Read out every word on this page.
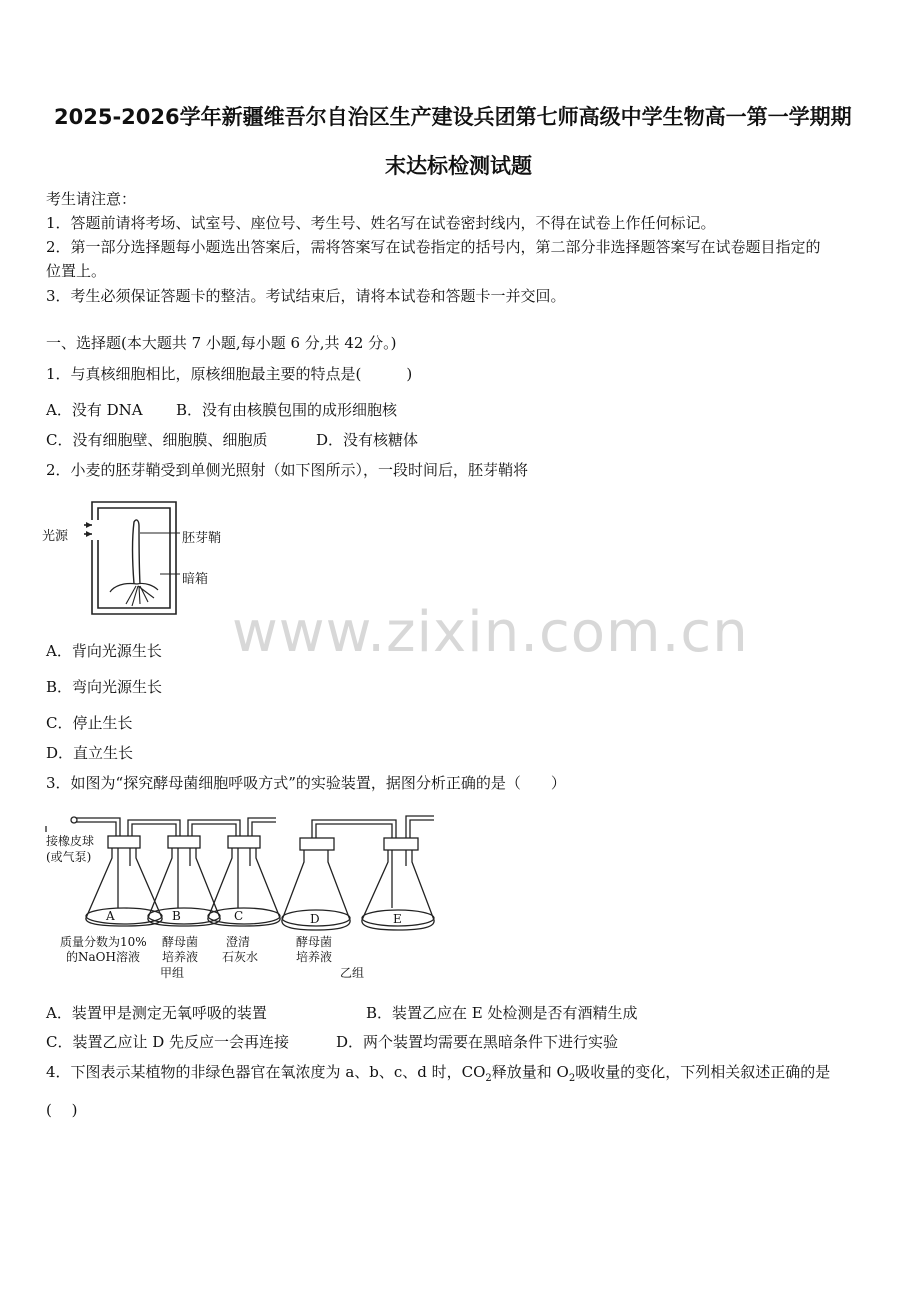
www.zixin.com.cn
2025-2026学年新疆维吾尔自治区生产建设兵团第七师高级中学生物高一第一学期期
末达标检测试题
考生请注意：
1．答题前请将考场、试室号、座位号、考生号、姓名写在试卷密封线内，不得在试卷上作任何标记。
2．第一部分选择题每小题选出答案后，需将答案写在试卷指定的括号内，第二部分非选择题答案写在试卷题目指定的
位置上。
3．考生必须保证答题卡的整洁。考试结束后，请将本试卷和答题卡一并交回。
一、选择题(本大题共 7 小题,每小题 6 分,共 42 分。)
1．与真核细胞相比，原核细胞最主要的特点是(　　　)
A．没有 DNA B．没有由核膜包围的成形细胞核
C．没有细胞壁、细胞膜、细胞质	D．没有核糖体
2．小麦的胚芽鞘受到单侧光照射（如下图所示），一段时间后，胚芽鞘将
光源	胚芽鞘
暗箱
A．背向光源生长
B．弯向光源生长
C．停止生长
D．直立生长
3．如图为“探究酵母菌细胞呼吸方式”的实验装置，据图分析正确的是（　　）
接橡皮球
(或气泵)
A	B	C	D	E
质量分数为10%
的NaOH溶液
酵母菌
培养液
澄清
石灰水
酵母菌
培养液
甲组	乙组
A．装置甲是测定无氧呼吸的装置	B．装置乙应在 E 处检测是否有酒精生成
C．装置乙应让 D 先反应一会再连接	D．两个装置均需要在黑暗条件下进行实验
4．下图表示某植物的非绿色器官在氧浓度为 a、b、c、d 时，$CO_2$释放量和 $O_2$吸收量的变化，下列相关叙述正确的是
(　 )
